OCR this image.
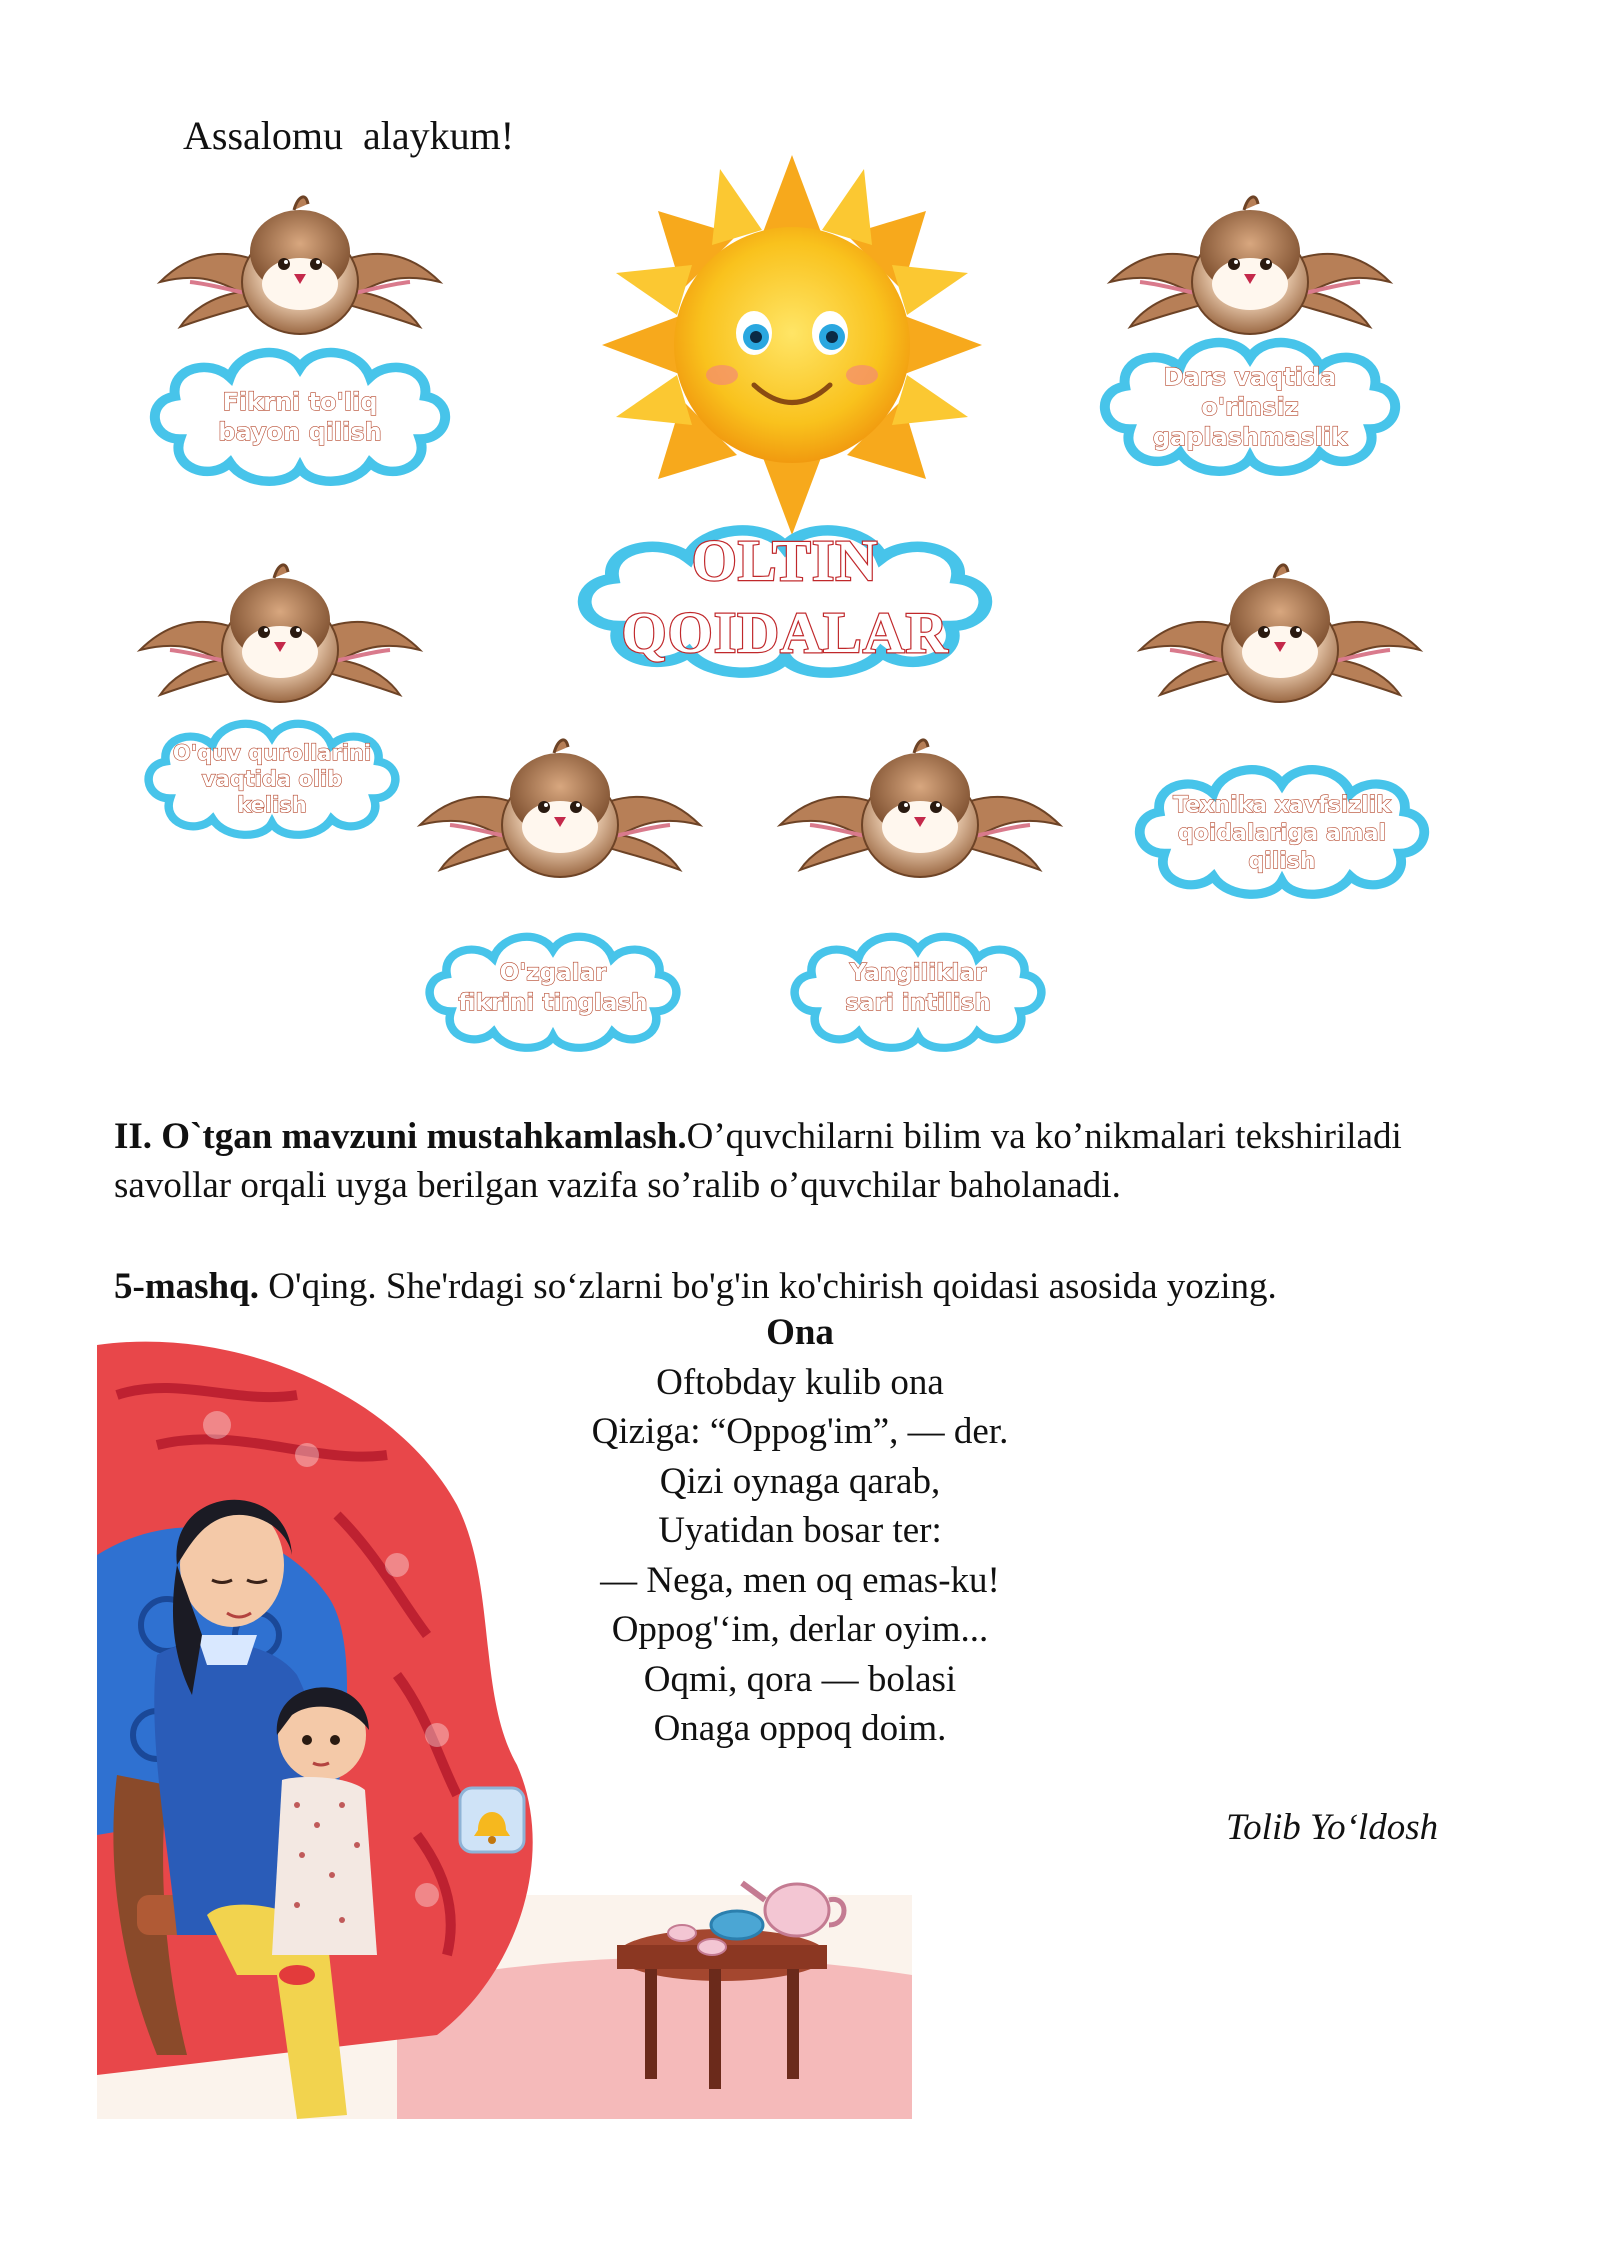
Assalomu  alaykum!
OLTIN
QOIDALAR
Fikrni to'liq
bayon qilish
Dars vaqtida
o'rinsiz
gaplashmaslik
O'quv qurollarini
vaqtida olib
kelish	Texnika xavfsizlik
qoidalariga amal
qilish
O'zgalar
fikrini tinglash
Yangiliklar
sari intilish
II. O`tgan mavzuni mustahkamlash.O’quvchilarni bilim va ko’nikmalari tekshiriladi savollar orqali uyga berilgan vazifa so’ralib o’quvchilar baholanadi.
5-mashq. O'qing. She'rdagi so‘zlarni bo'g'in ko'chirish qoidasi asosida yozing.
Ona
Oftobday kulib ona
Qiziga: “Oppog'im”, — der.
Qizi oynaga qarab,
Uyatidan bosar ter:
— Nega, men oq emas-ku!
Oppog'‘im, derlar oyim...
Oqmi, qora — bolasi
Onaga oppoq doim.
Tolib Yo‘ldosh
